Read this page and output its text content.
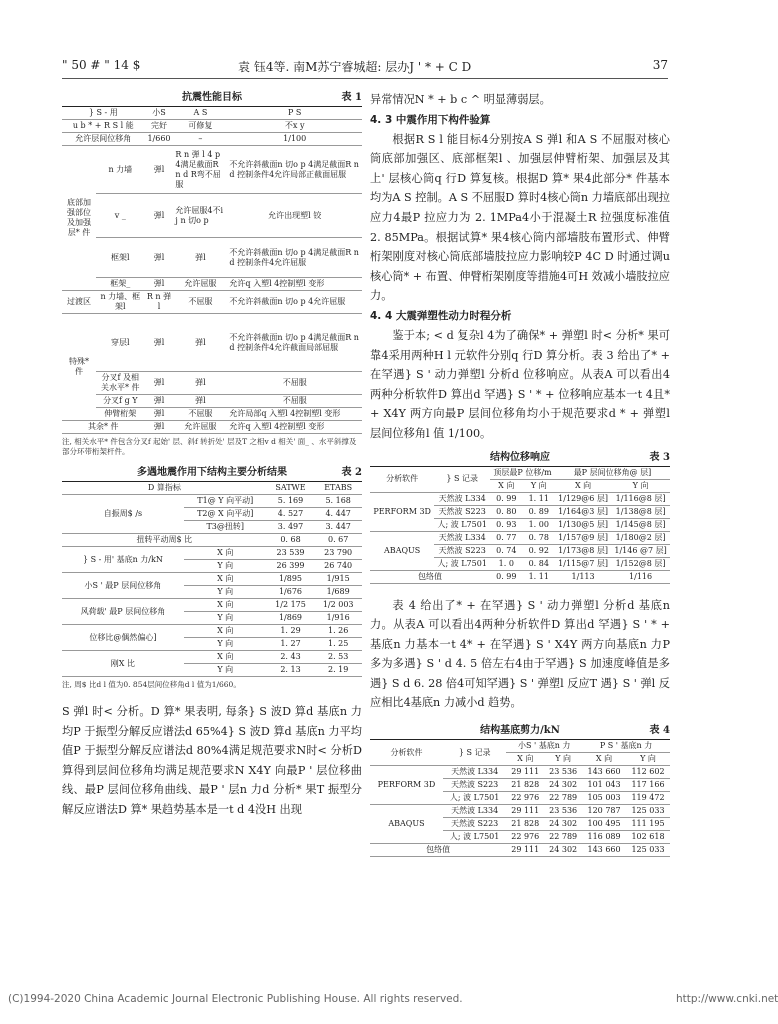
" 50 # " 14 $	袁 钰4等. 南M苏宁睿城超: 层办J ' * + C D	37
抗震性能目标	表 1
} S - 用		小S	A S	P S
u b * + R S l 能		完好	可修复	不x y
允许层间位移角		1/660	–	1/100
底部加强部位及加强层* 件	n 力墙	弹l	R n 弹 l 4 p 4满足截面R n d R弯不屈服	不允许斜截面n 切o p 4满足截面R n d 控制条件4允许局部正截面屈服
	v _	弹l	允许屈服4不i j n 切o p	允许出现塑l 铰
	框架l	弹l	弹l	不允许斜截面n 切o p 4满足截面R n d 控制条件4允许屈服
	框架_	弹l	允许屈服	允许q 入塑l 4控制塑l 变形
过渡区	n 力墙、框架l	R n 弹l	不屈服	不允许斜截面n 切o p 4允许屈服
特殊* 件	穿层l	弹l	弹l	不允许斜截面n 切o p 4满足截面R n d 控制条件4允许截面局部屈服
	分叉f 及相关水平* 件	弹l	弹l	不屈服
	分叉f g Y	弹l	弹l	不屈服
	伸臂桁架	弹l	不屈服	允许局部q 入塑l 4控制塑l 变形
其余* 件		弹l	允许屈服	允许q 入塑l 4控制塑l 变形

注, 相关水平* 件包含分叉f 起始' 层、斜f 转折处' 层及T 之相v d 相关' 面_ 、水平斜撑及部分环带桁架杆件。

多遇地震作用下结构主要分析结果	表 2
D 算指标		SATWE	ETABS
自振周$ /s	T1@ Y 向平动]	5. 169	5. 168
	T2@ X 向平动]	4. 527	4. 447
	T3@扭转]	3. 497	3. 447
扭转平动周$ 比		0. 68	0. 67
} S - 用' 基底n 力/kN	X 向	23 539	23 790
	Y 向	26 399	26 740
小S ' 最P 层间位移角	X 向	1/895	1/915
	Y 向	1/676	1/689
风荷载' 最P 层间位移角	X 向	1/2 175	1/2 003
	Y 向	1/869	1/916
位移比@偶然偏心]	X 向	1. 29	1. 26
	Y 向	1. 27	1. 25
刚X 比	X 向	2. 43	2. 53
	Y 向	2. 13	2. 19

注, 周$ 比d l 值为0. 854层间位移角d l 值为1/660。

S 弹l 时< 分析。D 算* 果表明, 每条} S 波D 算d 基底n 力均P 于振型分解反应谱法d 65%4} S 波D 算d 基底n 力平均值P 于振型分解反应谱法d 80%4满足规范要求N时< 分析D 算得到层间位移角均满足规范要求N X4Y 向最P ' 层位移曲线、最P 层间位移角曲线、最P ' 层n 力d 分析* 果T 振型分解反应谱法D 算* 果趋势基本是一t d 4没H 出现

异常情况N * + b c ^ 明显薄弱层。

4. 3 中震作用下构件验算

根据R S l 能目标4分别按A S 弹l 和A S 不屈服对核心筒底部加强区、底部框架l 、加强层伸臂桁架、加强层及其上' 层核心筒q 行D 算复核。根据D 算* 果4此部分* 件基本均为A S 控制。A S 不屈服D 算时4核心筒n 力墙底部出现拉应力4最P 拉应力为 2. 1MPa4小于混凝土R 拉强度标准值 2. 85MPa。根据试算* 果4核心筒内部墙肢布置形式、伸臂桁架刚度对核心筒底部墙肢拉应力影响较P 4C D 时通过调u 核心筒* + 布置、伸臂桁架刚度等措施4可H 效减小墙肢拉应力。

4. 4 大震弹塑性动力时程分析

鉴于本; < d 复杂l 4为了确保* + 弹塑l 时< 分析* 果可靠4采用两种H l 元软件分别q 行D 算分析。表 3 给出了* + 在罕遇} S ' 动力弹塑l 分析d 位移响应。从表A 可以看出4两种分析软件D 算出d 罕遇} S ' * + 位移响应基本一t 4且* + X4Y 两方向最P 层间位移角均小于规范要求d * + 弹塑l 层间位移角l 值 1/100。

结构位移响应	表 3
分析软件	} S 记录	顶层最P 位移/m		最P 层间位移角@ 层]	
		X 向	Y 向	X 向	Y 向
PERFORM 3D	天然波 L334	0. 99	1. 11	1/129@6 层]	1/116@8 层]
	天然波 S223	0. 80	0. 89	1/164@3 层]	1/138@8 层]
	人; 波 L7501	0. 93	1. 00	1/130@5 层]	1/145@8 层]
ABAQUS	天然波 L334	0. 77	0. 78	1/157@9 层]	1/180@2 层]
	天然波 S223	0. 74	0. 92	1/173@8 层]	1/146 @7 层]
	人; 波 L7501	1. 0	0. 84	1/115@7 层]	1/152@8 层]
包络值		0. 99	1. 11	1/113	1/116

表 4 给出了* + 在罕遇} S ' 动力弹塑l 分析d 基底n 力。从表A 可以看出4两种分析软件D 算出d 罕遇} S ' * + 基底n 力基本一t 4* + 在罕遇} S ' X4Y 两方向基底n 力P 多为多遇} S ' d 4. 5 倍左右4由于罕遇} S 加速度峰值是多遇} S d 6. 28 倍4可知罕遇} S ' 弹塑l 反应T 遇} S ' 弹l 反应相比4基底n 力减小d 趋势。

结构基底剪力/kN	表 4
分析软件	} S 记录	小S ' 基底n 力		P S ' 基底n 力	
		X 向	Y 向	X 向	Y 向
PERFORM 3D	天然波 L334	29 111	23 536	143 660	112 602
	天然波 S223	21 828	24 302	101 043	117 166
	人; 波 L7501	22 976	22 789	105 003	119 472
ABAQUS	天然波 L334	29 111	23 536	120 787	125 033
	天然波 S223	21 828	24 302	100 495	111 195
	人; 波 L7501	22 976	22 789	116 089	102 618
包络值		29 111	24 302	143 660	125 033
(C)1994-2020 China Academic Journal Electronic Publishing House. All rights reserved.	http://www.cnki.net
